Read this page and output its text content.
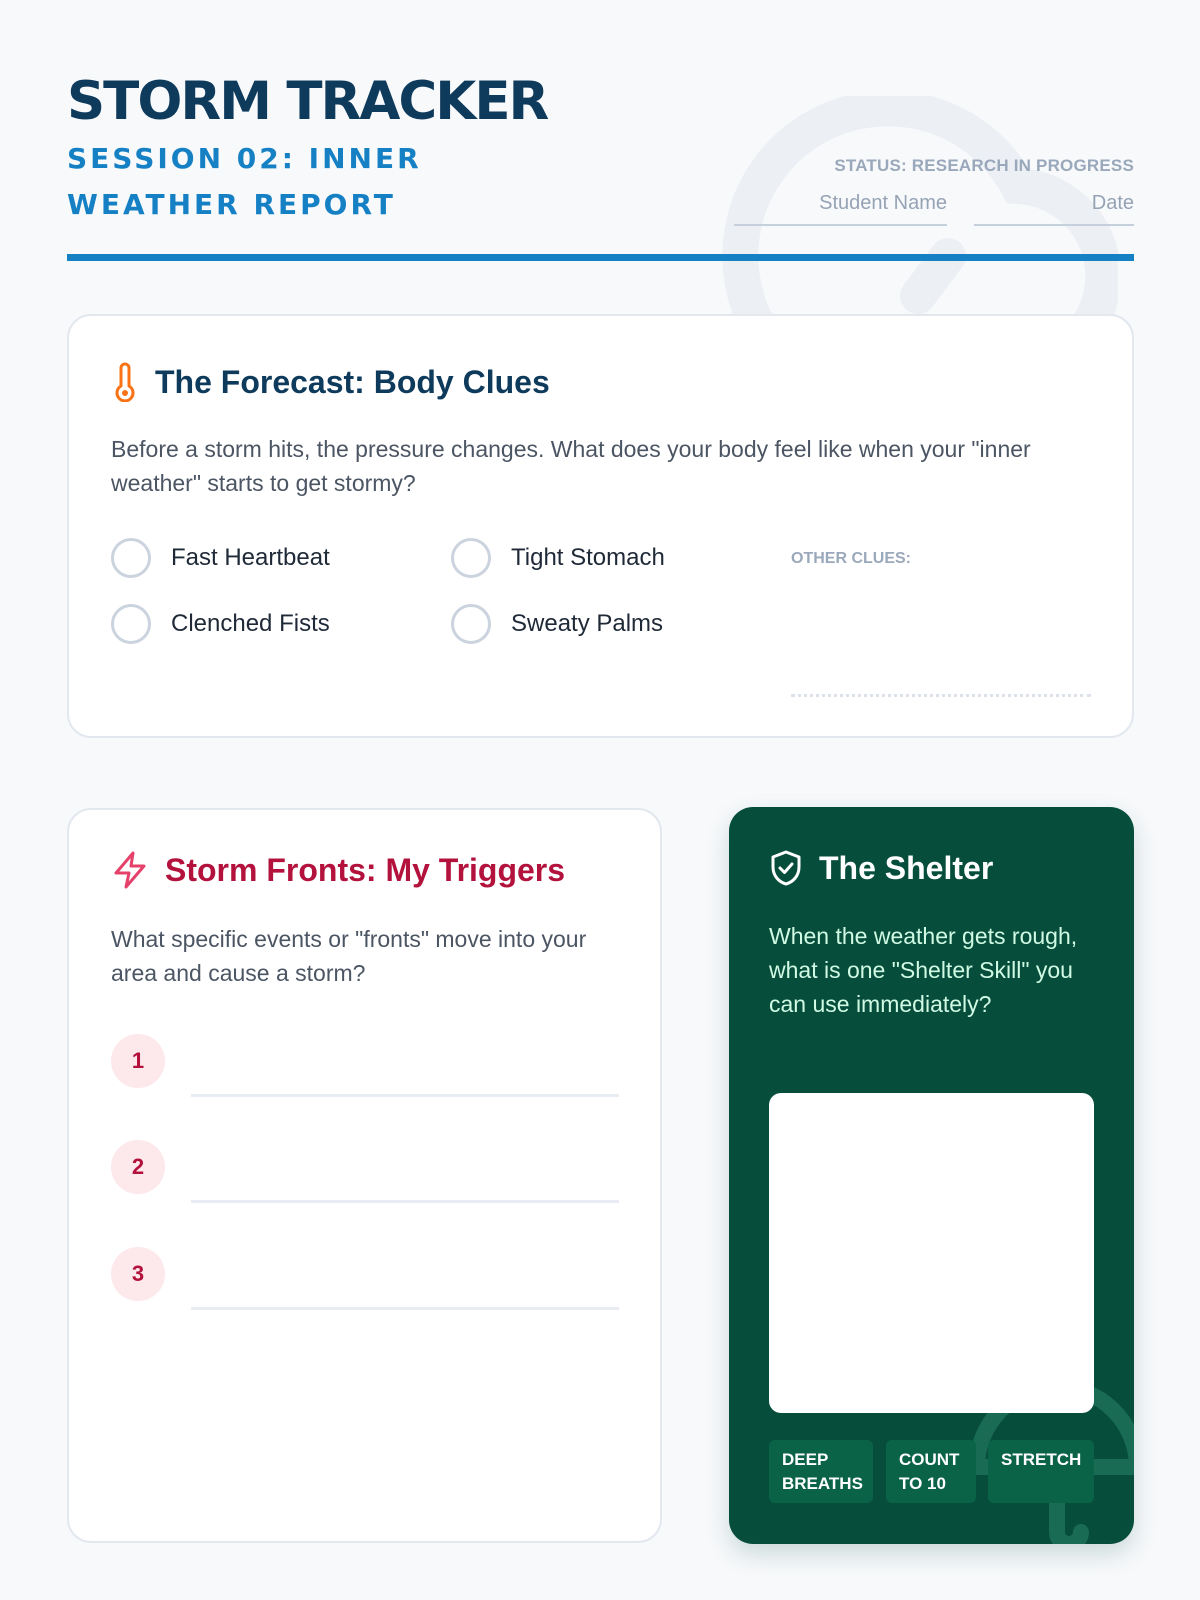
STORM TRACKER
SESSION 02: INNER WEATHER REPORT
STATUS: RESEARCH IN PROGRESS
Student Name	Date
The Forecast: Body Clues

Before a storm hits, the pressure changes. What does your body feel like when your "inner weather" starts to get stormy?

Fast Heartbeat	Tight Stomach
Clenched Fists	Sweaty Palms
OTHER CLUES:
Storm Fronts: My Triggers

What specific events or "fronts" move into your area and cause a storm?

1
2
3
The Shelter

When the weather gets rough, what is one "Shelter Skill" you can use immediately?

DEEP
BREATHS
COUNT
TO 10
STRETCH
